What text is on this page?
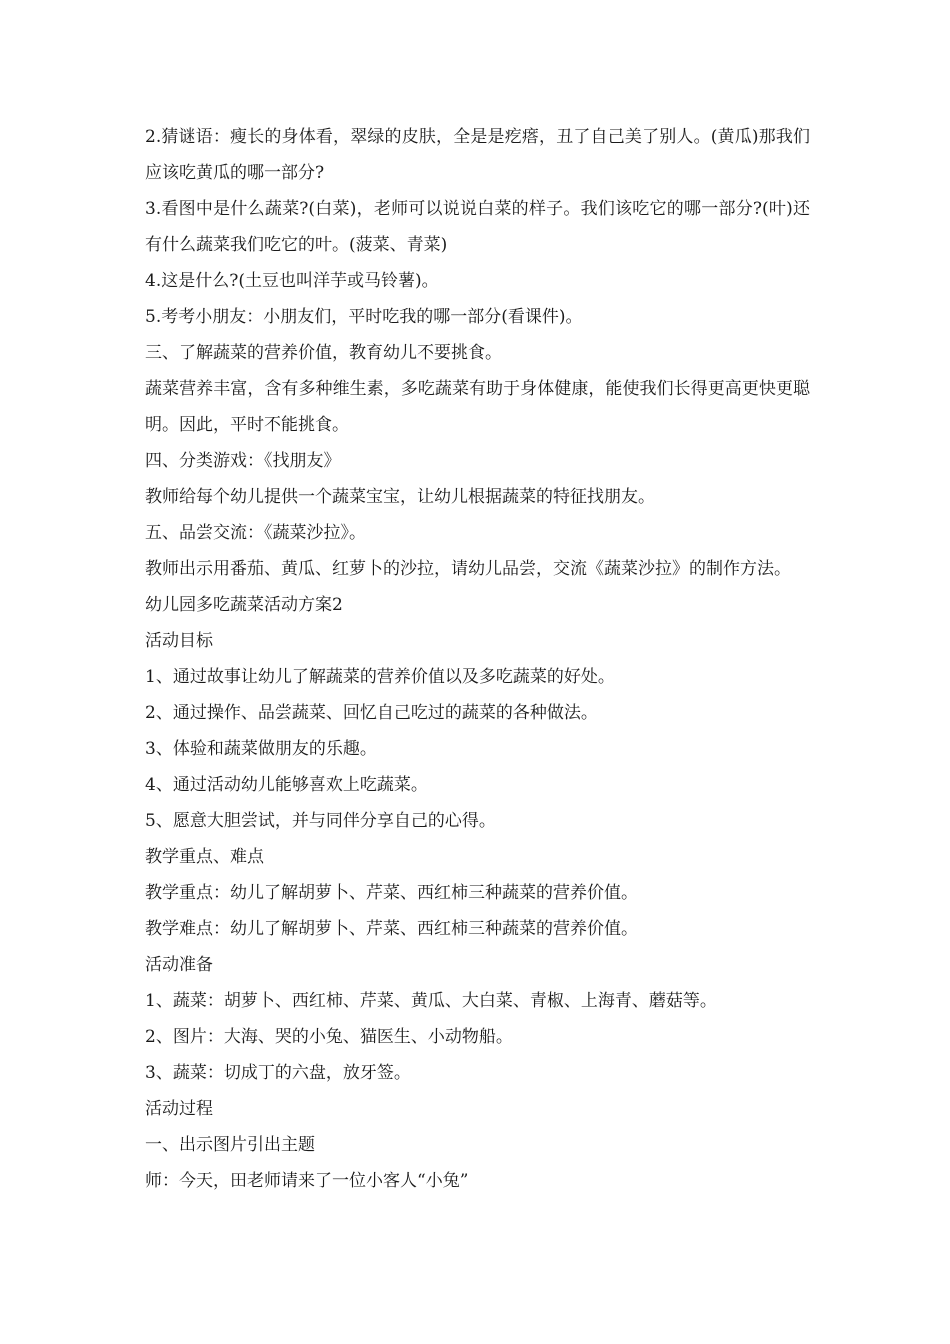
2.猜谜语：瘦长的身体看，翠绿的皮肤，全是是疙瘩，丑了自己美了别人。(黄瓜)那我们应该吃黄瓜的哪一部分?

3.看图中是什么蔬菜?(白菜)，老师可以说说白菜的样子。我们该吃它的哪一部分?(叶)还有什么蔬菜我们吃它的叶。(菠菜、青菜)

4.这是什么?(土豆也叫洋芋或马铃薯)。

5.考考小朋友：小朋友们，平时吃我的哪一部分(看课件)。

三、了解蔬菜的营养价值，教育幼儿不要挑食。

蔬菜营养丰富，含有多种维生素，多吃蔬菜有助于身体健康，能使我们长得更高更快更聪明。因此，平时不能挑食。

四、分类游戏：《找朋友》

教师给每个幼儿提供一个蔬菜宝宝，让幼儿根据蔬菜的特征找朋友。

五、品尝交流：《蔬菜沙拉》。

教师出示用番茄、黄瓜、红萝卜的沙拉，请幼儿品尝，交流《蔬菜沙拉》的制作方法。

幼儿园多吃蔬菜活动方案2

活动目标

1、通过故事让幼儿了解蔬菜的营养价值以及多吃蔬菜的好处。

2、通过操作、品尝蔬菜、回忆自己吃过的蔬菜的各种做法。

3、体验和蔬菜做朋友的乐趣。

4、通过活动幼儿能够喜欢上吃蔬菜。

5、愿意大胆尝试，并与同伴分享自己的心得。

教学重点、难点

教学重点：幼儿了解胡萝卜、芹菜、西红柿三种蔬菜的营养价值。

教学难点：幼儿了解胡萝卜、芹菜、西红柿三种蔬菜的营养价值。

活动准备

1、蔬菜：胡萝卜、西红柿、芹菜、黄瓜、大白菜、青椒、上海青、蘑菇等。

2、图片：大海、哭的小兔、猫医生、小动物船。

3、蔬菜：切成丁的六盘，放牙签。

活动过程

一、出示图片引出主题

师：今天，田老师请来了一位小客人“小兔”
